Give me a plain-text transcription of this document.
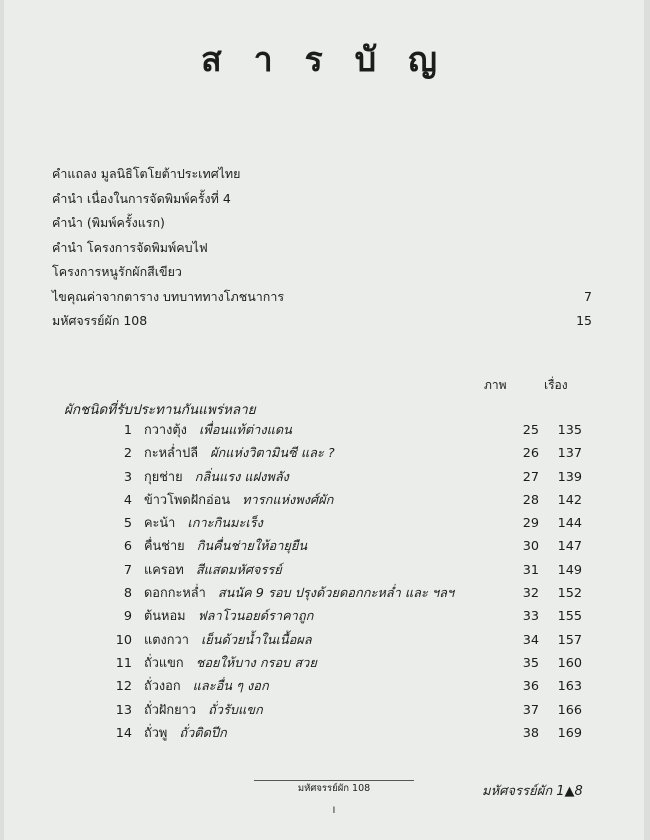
ส า ร บั ญ
คำแถลง มูลนิธิโตโยต้าประเทศไทย
คำนำ เนื่องในการจัดพิมพ์ครั้งที่ 4
คำนำ (พิมพ์ครั้งแรก)
คำนำ โครงการจัดพิมพ์คบไฟ
โครงการหนูรักผักสีเขียว
ไขคุณค่าจากตาราง บทบาททางโภชนาการ	7
มหัศจรรย์ผัก 108	15
ภาพ	เรื่อง
ผักชนิดที่รับประทานกันแพร่หลาย
1 กวางตุ้ง เพื่อนแท้ต่างแดน	25	135
2 กะหล่ำปลี ผักแห่งวิตามินซี และ ?	26	137
3 กุยช่าย กลิ่นแรง แฝงพลัง	27	139
4 ข้าวโพดฝักอ่อน ทารกแห่งพงศ์ผัก	28	142
5 คะน้า เกาะกินมะเร็ง	29	144
6 คื่นช่าย กินคื่นช่ายให้อายุยืน	30	147
7 แครอท สีแสดมหัศจรรย์	31	149
8 ดอกกะหล่ำ สนนัค 9 รอบ ปรุงด้วยดอกกะหล่ำ และ ฯลฯ	32	152
9 ต้นหอม ฟลาโวนอยด์ราคาถูก	33	155
10 แตงกวา เย็นด้วยน้ำในเนื้อผล	34	157
11 ถั่วแขก ชอยให้บาง กรอบ สวย	35	160
12 ถั่วงอก และอื่น ๆ งอก	36	163
13 ถั่วฝักยาว ถั่วรับแขก	37	166
14 ถั่วพู ถั่วติดปีก	38	169
มหัศจรรย์ผัก 108
I
มหัศจรรย์ผัก 1▲8
